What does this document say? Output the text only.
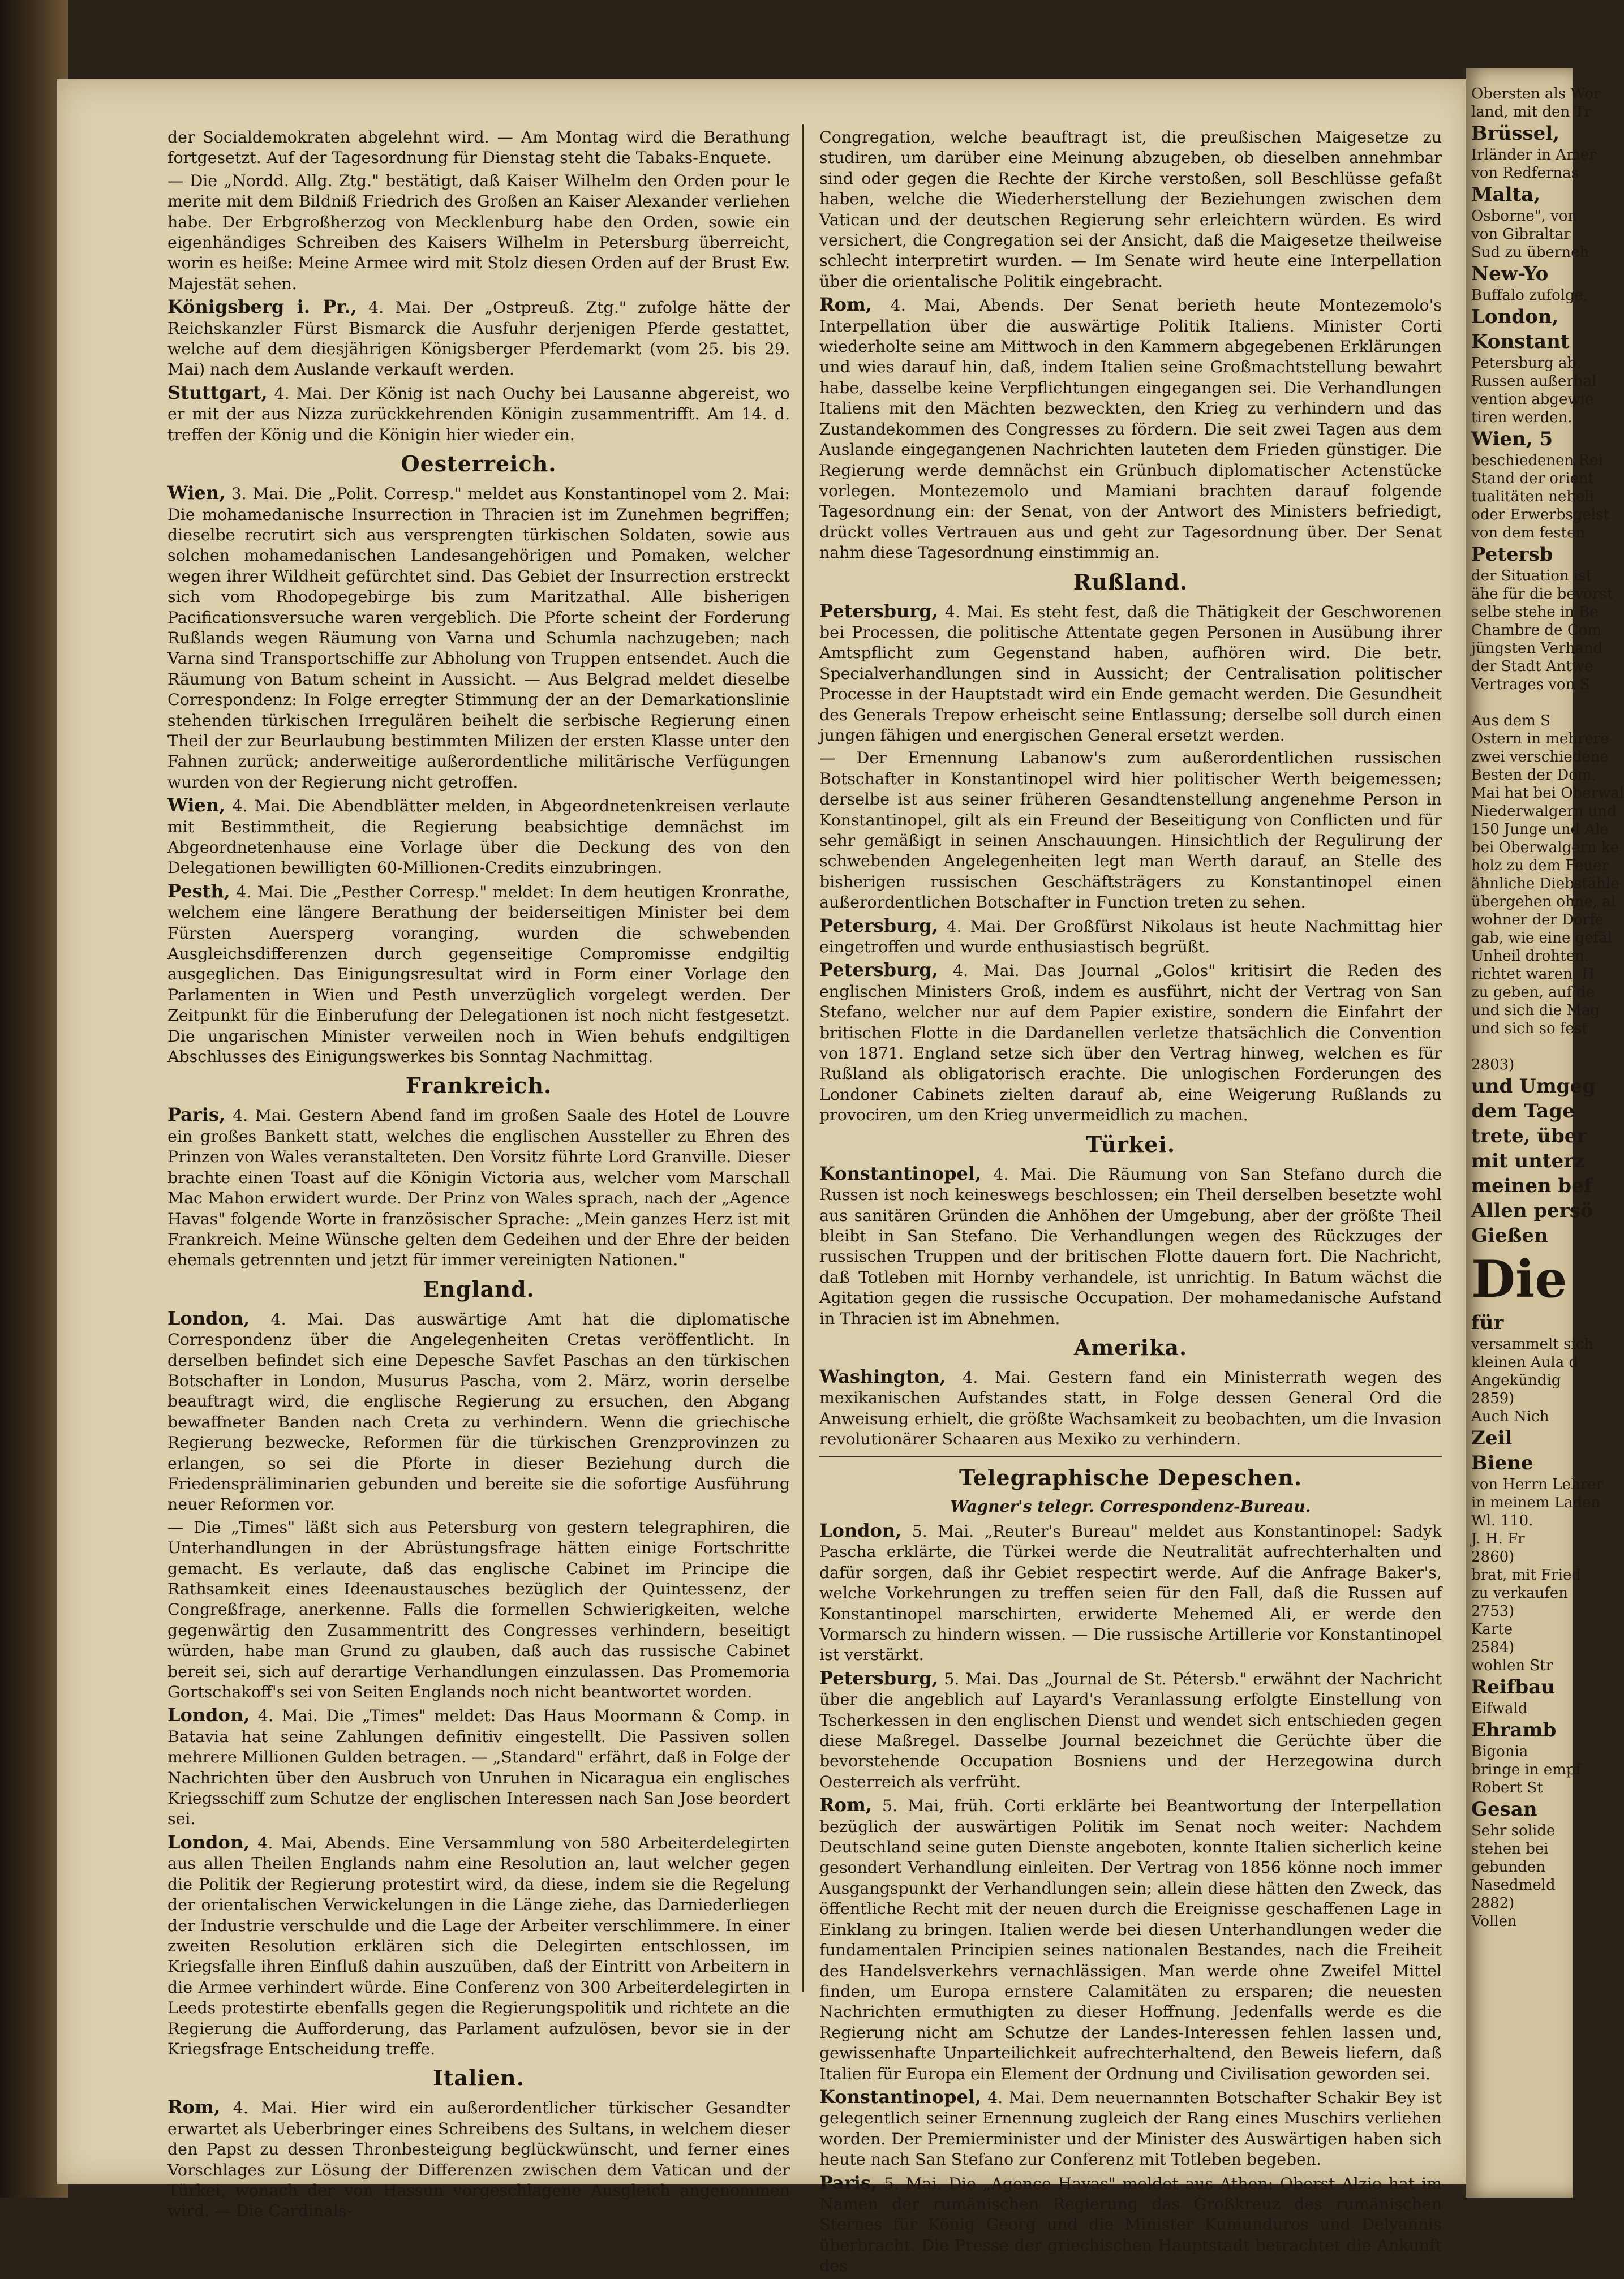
der Socialdemokraten abgelehnt wird. — Am Montag wird die Berathung fortgesetzt. Auf der Tagesordnung für Dienstag steht die Tabaks-Enquete.

— Die „Nordd. Allg. Ztg." bestätigt, daß Kaiser Wilhelm den Orden pour le merite mit dem Bildniß Friedrich des Großen an Kaiser Alexander verliehen habe. Der Erbgroßherzog von Mecklenburg habe den Orden, sowie ein eigenhändiges Schreiben des Kaisers Wilhelm in Petersburg überreicht, worin es heiße: Meine Armee wird mit Stolz diesen Orden auf der Brust Ew. Majestät sehen.

Königsberg i. Pr., 4. Mai. Der „Ostpreuß. Ztg." zufolge hätte der Reichskanzler Fürst Bismarck die Ausfuhr derjenigen Pferde gestattet, welche auf dem diesjährigen Königsberger Pferdemarkt (vom 25. bis 29. Mai) nach dem Auslande verkauft werden.

Stuttgart, 4. Mai. Der König ist nach Ouchy bei Lausanne abgereist, wo er mit der aus Nizza zurückkehrenden Königin zusammentrifft. Am 14. d. treffen der König und die Königin hier wieder ein.

Oesterreich.

Wien, 3. Mai. Die „Polit. Corresp." meldet aus Konstantinopel vom 2. Mai: Die mohamedanische Insurrection in Thracien ist im Zunehmen begriffen; dieselbe recrutirt sich aus versprengten türkischen Soldaten, sowie aus solchen mohamedanischen Landesangehörigen und Pomaken, welcher wegen ihrer Wildheit gefürchtet sind. Das Gebiet der Insurrection erstreckt sich vom Rhodopegebirge bis zum Maritzathal. Alle bisherigen Pacificationsversuche waren vergeblich. Die Pforte scheint der Forderung Rußlands wegen Räumung von Varna und Schumla nachzugeben; nach Varna sind Transportschiffe zur Abholung von Truppen entsendet. Auch die Räumung von Batum scheint in Aussicht. — Aus Belgrad meldet dieselbe Correspondenz: In Folge erregter Stimmung der an der Demarkationslinie stehenden türkischen Irregulären beihelt die serbische Regierung einen Theil der zur Beurlaubung bestimmten Milizen der ersten Klasse unter den Fahnen zurück; anderweitige außerordentliche militärische Verfügungen wurden von der Regierung nicht getroffen.

Wien, 4. Mai. Die Abendblätter melden, in Abgeordnetenkreisen verlaute mit Bestimmtheit, die Regierung beabsichtige demnächst im Abgeordnetenhause eine Vorlage über die Deckung des von den Delegationen bewilligten 60-Millionen-Credits einzubringen.

Pesth, 4. Mai. Die „Pesther Corresp." meldet: In dem heutigen Kronrathe, welchem eine längere Berathung der beiderseitigen Minister bei dem Fürsten Auersperg voranging, wurden die schwebenden Ausgleichsdifferenzen durch gegenseitige Compromisse endgiltig ausgeglichen. Das Einigungsresultat wird in Form einer Vorlage den Parlamenten in Wien und Pesth unverzüglich vorgelegt werden. Der Zeitpunkt für die Einberufung der Delegationen ist noch nicht festgesetzt. Die ungarischen Minister verweilen noch in Wien behufs endgiltigen Abschlusses des Einigungswerkes bis Sonntag Nachmittag.

Frankreich.

Paris, 4. Mai. Gestern Abend fand im großen Saale des Hotel de Louvre ein großes Bankett statt, welches die englischen Aussteller zu Ehren des Prinzen von Wales veranstalteten. Den Vorsitz führte Lord Granville. Dieser brachte einen Toast auf die Königin Victoria aus, welcher vom Marschall Mac Mahon erwidert wurde. Der Prinz von Wales sprach, nach der „Agence Havas" folgende Worte in französischer Sprache: „Mein ganzes Herz ist mit Frankreich. Meine Wünsche gelten dem Gedeihen und der Ehre der beiden ehemals getrennten und jetzt für immer vereinigten Nationen."

England.

London, 4. Mai. Das auswärtige Amt hat die diplomatische Correspondenz über die Angelegenheiten Cretas veröffentlicht. In derselben befindet sich eine Depesche Savfet Paschas an den türkischen Botschafter in London, Musurus Pascha, vom 2. März, worin derselbe beauftragt wird, die englische Regierung zu ersuchen, den Abgang bewaffneter Banden nach Creta zu verhindern. Wenn die griechische Regierung bezwecke, Reformen für die türkischen Grenzprovinzen zu erlangen, so sei die Pforte in dieser Beziehung durch die Friedenspräliminarien gebunden und bereite sie die sofortige Ausführung neuer Reformen vor.

— Die „Times" läßt sich aus Petersburg von gestern telegraphiren, die Unterhandlungen in der Abrüstungsfrage hätten einige Fortschritte gemacht. Es verlaute, daß das englische Cabinet im Principe die Rathsamkeit eines Ideenaustausches bezüglich der Quintessenz, der Congreßfrage, anerkenne. Falls die formellen Schwierigkeiten, welche gegenwärtig den Zusammentritt des Congresses verhindern, beseitigt würden, habe man Grund zu glauben, daß auch das russische Cabinet bereit sei, sich auf derartige Verhandlungen einzulassen. Das Promemoria Gortschakoff's sei von Seiten Englands noch nicht beantwortet worden.

London, 4. Mai. Die „Times" meldet: Das Haus Moormann & Comp. in Batavia hat seine Zahlungen definitiv eingestellt. Die Passiven sollen mehrere Millionen Gulden betragen. — „Standard" erfährt, daß in Folge der Nachrichten über den Ausbruch von Unruhen in Nicaragua ein englisches Kriegsschiff zum Schutze der englischen Interessen nach San Jose beordert sei.

London, 4. Mai, Abends. Eine Versammlung von 580 Arbeiterdelegirten aus allen Theilen Englands nahm eine Resolution an, laut welcher gegen die Politik der Regierung protestirt wird, da diese, indem sie die Regelung der orientalischen Verwickelungen in die Länge ziehe, das Darniederliegen der Industrie verschulde und die Lage der Arbeiter verschlimmere. In einer zweiten Resolution erklären sich die Delegirten entschlossen, im Kriegsfalle ihren Einfluß dahin auszuüben, daß der Eintritt von Arbeitern in die Armee verhindert würde. Eine Conferenz von 300 Arbeiterdelegirten in Leeds protestirte ebenfalls gegen die Regierungspolitik und richtete an die Regierung die Aufforderung, das Parlament aufzulösen, bevor sie in der Kriegsfrage Entscheidung treffe.

Italien.

Rom, 4. Mai. Hier wird ein außerordentlicher türkischer Gesandter erwartet als Ueberbringer eines Schreibens des Sultans, in welchem dieser den Papst zu dessen Thronbesteigung beglückwünscht, und ferner eines Vorschlages zur Lösung der Differenzen zwischen dem Vatican und der Türkei, wonach der von Hassun vorgeschlagene Ausgleich angenommen wird. — Die Cardinals-

Congregation, welche beauftragt ist, die preußischen Maigesetze zu studiren, um darüber eine Meinung abzugeben, ob dieselben annehmbar sind oder gegen die Rechte der Kirche verstoßen, soll Beschlüsse gefaßt haben, welche die Wiederherstellung der Beziehungen zwischen dem Vatican und der deutschen Regierung sehr erleichtern würden. Es wird versichert, die Congregation sei der Ansicht, daß die Maigesetze theilweise schlecht interpretirt wurden. — Im Senate wird heute eine Interpellation über die orientalische Politik eingebracht.

Rom, 4. Mai, Abends. Der Senat berieth heute Montezemolo's Interpellation über die auswärtige Politik Italiens. Minister Corti wiederholte seine am Mittwoch in den Kammern abgegebenen Erklärungen und wies darauf hin, daß, indem Italien seine Großmachtstellung bewahrt habe, dasselbe keine Verpflichtungen eingegangen sei. Die Verhandlungen Italiens mit den Mächten bezweckten, den Krieg zu verhindern und das Zustandekommen des Congresses zu fördern. Die seit zwei Tagen aus dem Auslande eingegangenen Nachrichten lauteten dem Frieden günstiger. Die Regierung werde demnächst ein Grünbuch diplomatischer Actenstücke vorlegen. Montezemolo und Mamiani brachten darauf folgende Tagesordnung ein: der Senat, von der Antwort des Ministers befriedigt, drückt volles Vertrauen aus und geht zur Tagesordnung über. Der Senat nahm diese Tagesordnung einstimmig an.

Rußland.

Petersburg, 4. Mai. Es steht fest, daß die Thätigkeit der Geschworenen bei Processen, die politische Attentate gegen Personen in Ausübung ihrer Amtspflicht zum Gegenstand haben, aufhören wird. Die betr. Specialverhandlungen sind in Aussicht; der Centralisation politischer Processe in der Hauptstadt wird ein Ende gemacht werden. Die Gesundheit des Generals Trepow erheischt seine Entlassung; derselbe soll durch einen jungen fähigen und energischen General ersetzt werden.

— Der Ernennung Labanow's zum außerordentlichen russischen Botschafter in Konstantinopel wird hier politischer Werth beigemessen; derselbe ist aus seiner früheren Gesandtenstellung angenehme Person in Konstantinopel, gilt als ein Freund der Beseitigung von Conflicten und für sehr gemäßigt in seinen Anschauungen. Hinsichtlich der Regulirung der schwebenden Angelegenheiten legt man Werth darauf, an Stelle des bisherigen russischen Geschäftsträgers zu Konstantinopel einen außerordentlichen Botschafter in Function treten zu sehen.

Petersburg, 4. Mai. Der Großfürst Nikolaus ist heute Nachmittag hier eingetroffen und wurde enthusiastisch begrüßt.

Petersburg, 4. Mai. Das Journal „Golos" kritisirt die Reden des englischen Ministers Groß, indem es ausführt, nicht der Vertrag von San Stefano, welcher nur auf dem Papier existire, sondern die Einfahrt der britischen Flotte in die Dardanellen verletze thatsächlich die Convention von 1871. England setze sich über den Vertrag hinweg, welchen es für Rußland als obligatorisch erachte. Die unlogischen Forderungen des Londoner Cabinets zielten darauf ab, eine Weigerung Rußlands zu provociren, um den Krieg unvermeidlich zu machen.

Türkei.

Konstantinopel, 4. Mai. Die Räumung von San Stefano durch die Russen ist noch keineswegs beschlossen; ein Theil derselben besetzte wohl aus sanitären Gründen die Anhöhen der Umgebung, aber der größte Theil bleibt in San Stefano. Die Verhandlungen wegen des Rückzuges der russischen Truppen und der britischen Flotte dauern fort. Die Nachricht, daß Totleben mit Hornby verhandele, ist unrichtig. In Batum wächst die Agitation gegen die russische Occupation. Der mohamedanische Aufstand in Thracien ist im Abnehmen.

Amerika.

Washington, 4. Mai. Gestern fand ein Ministerrath wegen des mexikanischen Aufstandes statt, in Folge dessen General Ord die Anweisung erhielt, die größte Wachsamkeit zu beobachten, um die Invasion revolutionärer Schaaren aus Mexiko zu verhindern.

Telegraphische Depeschen.
Wagner's telegr. Correspondenz-Bureau.

London, 5. Mai. „Reuter's Bureau" meldet aus Konstantinopel: Sadyk Pascha erklärte, die Türkei werde die Neutralität aufrechterhalten und dafür sorgen, daß ihr Gebiet respectirt werde. Auf die Anfrage Baker's, welche Vorkehrungen zu treffen seien für den Fall, daß die Russen auf Konstantinopel marschirten, erwiderte Mehemed Ali, er werde den Vormarsch zu hindern wissen. — Die russische Artillerie vor Konstantinopel ist verstärkt.

Petersburg, 5. Mai. Das „Journal de St. Pétersb." erwähnt der Nachricht über die angeblich auf Layard's Veranlassung erfolgte Einstellung von Tscherkessen in den englischen Dienst und wendet sich entschieden gegen diese Maßregel. Dasselbe Journal bezeichnet die Gerüchte über die bevorstehende Occupation Bosniens und der Herzegowina durch Oesterreich als verfrüht.

Rom, 5. Mai, früh. Corti erklärte bei Beantwortung der Interpellation bezüglich der auswärtigen Politik im Senat noch weiter: Nachdem Deutschland seine guten Dienste angeboten, konnte Italien sicherlich keine gesondert Verhandlung einleiten. Der Vertrag von 1856 könne noch immer Ausgangspunkt der Verhandlungen sein; allein diese hätten den Zweck, das öffentliche Recht mit der neuen durch die Ereignisse geschaffenen Lage in Einklang zu bringen. Italien werde bei diesen Unterhandlungen weder die fundamentalen Principien seines nationalen Bestandes, nach die Freiheit des Handelsverkehrs vernachlässigen. Man werde ohne Zweifel Mittel finden, um Europa ernstere Calamitäten zu ersparen; die neuesten Nachrichten ermuthigten zu dieser Hoffnung. Jedenfalls werde es die Regierung nicht am Schutze der Landes-Interessen fehlen lassen und, gewissenhafte Unparteilichkeit aufrechterhaltend, den Beweis liefern, daß Italien für Europa ein Element der Ordnung und Civilisation geworden sei.

Konstantinopel, 4. Mai. Dem neuernannten Botschafter Schakir Bey ist gelegentlich seiner Ernennung zugleich der Rang eines Muschirs verliehen worden. Der Premierminister und der Minister des Auswärtigen haben sich heute nach San Stefano zur Conferenz mit Totleben begeben.

Paris, 5. Mai. Die „Agence Havas" meldet aus Athen: Oberst Alzio hat im Namen der rumänischen Regierung das Großkreuz des rumänischen Sternes für König Georg und die Minister Kumunduros und Delyannis überbracht. Die Presse der griechischen Hauptstadt betrachtet die Ankunft des

Obersten als Wor
land, mit den Tr
Brüssel,
Irländer in Amer
von Redfernas
Malta,
Osborne", von
von Gibraltar
Sud zu überneh
New-Yo
Buffalo zufolge,
London,
Konstant
Petersburg ab.
Russen außerhal
vention abgewie
tiren werden.
Wien, 5
beschiedenen Rei
Stand der orient
tualitäten nebeli
oder Erwerbsgelst
von dem festen
Petersb
der Situation ist
ähe für die bevorst
selbe stehe in Be
Chambre de Com
jüngsten Verhand
der Stadt Antwe
Vertrages von S
Aus dem S
Ostern in mehrere
zwei verschiedene
Besten der Dom.
Mai hat bei Oberwal
Niederwalgern und
150 Junge und Ale
bei Oberwalgern ke
holz zu dem Feuer
ähnliche Diebstähle
übergehen ohne, al
wohner der Dörfe
gab, wie eine gefäl
Unheil drohten.
richtet waren. H
zu geben, auf de
und sich die Mag
und sich so fest
2803)
und Umgeg
dem Tage
trete, über
mit unterz
meinen bef
Allen persö
Gießen
Die
für
versammelt sich
kleinen Aula d
Angekündig
2859)
Auch Nich
Zeil
Biene
von Herrn Lehrer
in meinem Laden
Wl. 110.
J. H. Fr
2860)
brat, mit Fried
zu verkaufen
2753)
Karte
2584)
wohlen Str
Reifbau
Eifwald
Ehramb
Bigonia
bringe in empf
Robert St
Gesan
Sehr solide
stehen bei
gebunden
Nasedmeld
2882)
Vollen
